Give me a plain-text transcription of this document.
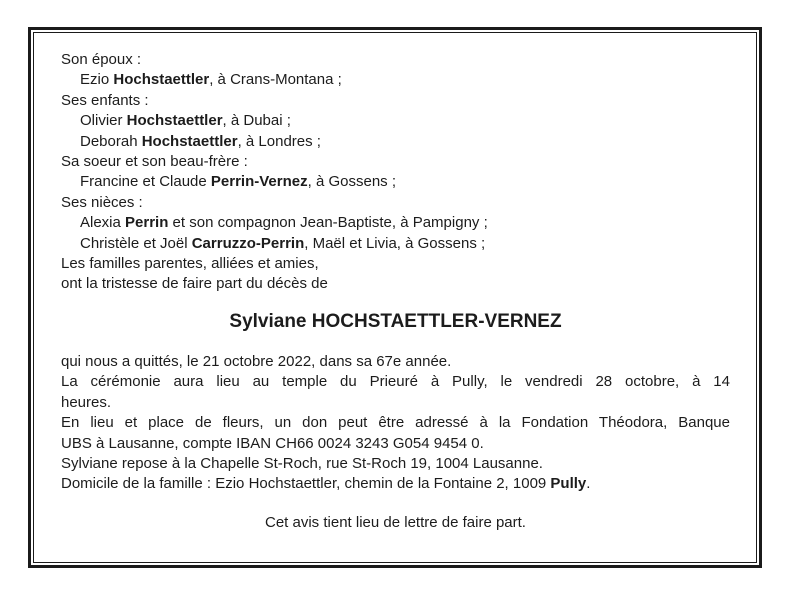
Son époux :
Ezio Hochstaettler, à Crans-Montana ;
Ses enfants :
Olivier Hochstaettler, à Dubai ;
Deborah Hochstaettler, à Londres ;
Sa soeur et son beau-frère :
Francine et Claude Perrin-Vernez, à Gossens ;
Ses nièces :
Alexia Perrin et son compagnon Jean-Baptiste, à Pampigny ;
Christèle et Joël Carruzzo-Perrin, Maël et Livia, à Gossens ;
Les familles parentes, alliées et amies,
ont la tristesse de faire part du décès de
Sylviane HOCHSTAETTLER-VERNEZ
qui nous a quittés, le 21 octobre 2022, dans sa 67e année.
La cérémonie aura lieu au temple du Prieuré à Pully, le vendredi 28 octobre, à 14
heures.
En lieu et place de fleurs, un don peut être adressé à la Fondation Théodora, Banque
UBS à Lausanne, compte IBAN CH66 0024 3243 G054 9454 0.
Sylviane repose à la Chapelle St-Roch, rue St-Roch 19, 1004 Lausanne.
Domicile de la famille : Ezio Hochstaettler, chemin de la Fontaine 2, 1009 Pully.
Cet avis tient lieu de lettre de faire part.
